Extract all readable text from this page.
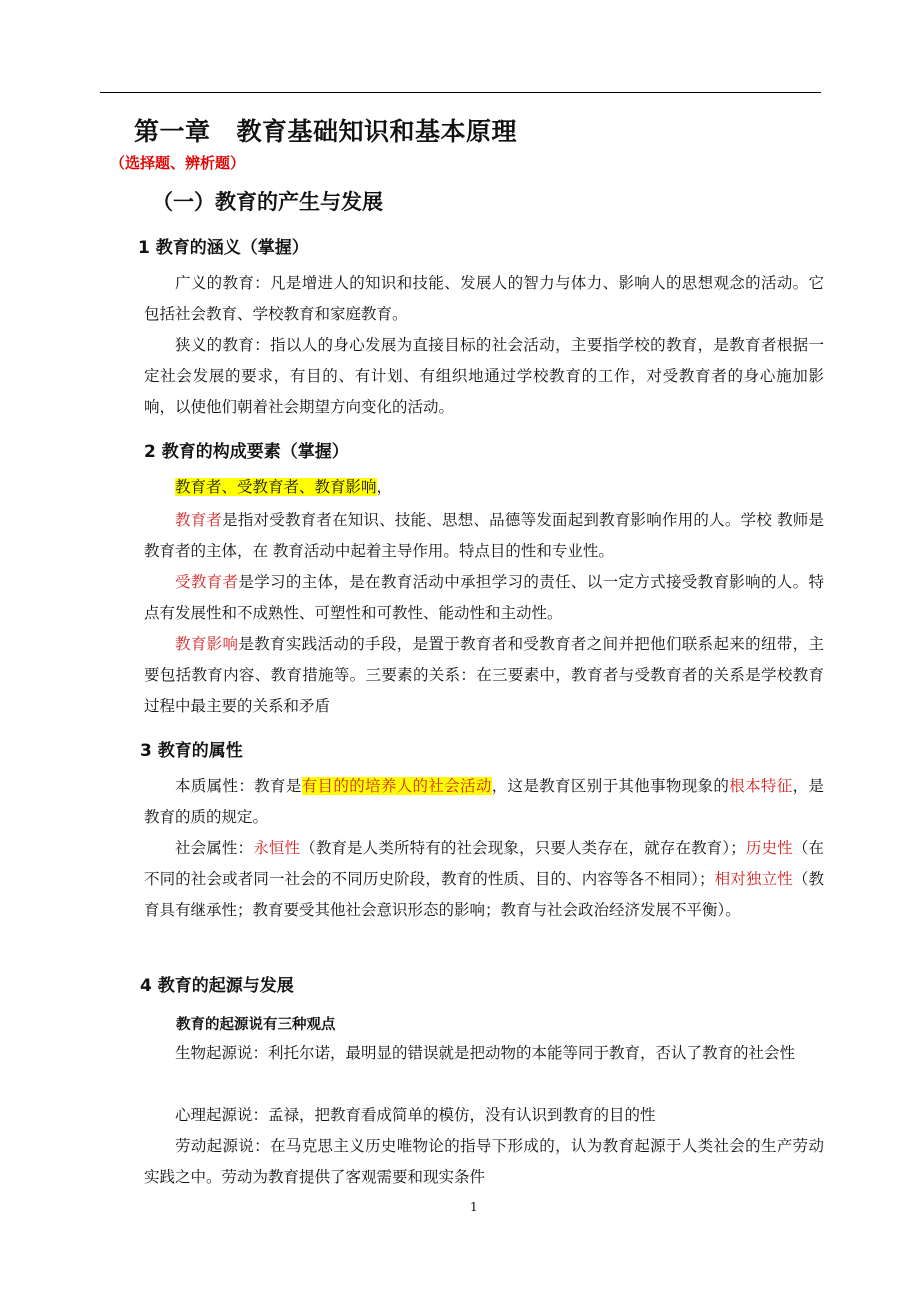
第一章 教育基础知识和基本原理
（选择题、辨析题）
（一）教育的产生与发展
1 教育的涵义（掌握）
广义的教育：凡是增进人的知识和技能、发展人的智力与体力、影响人的思想观念的活动。它包括社会教育、学校教育和家庭教育。
狭义的教育：指以人的身心发展为直接目标的社会活动，主要指学校的教育，是教育者根据一定社会发展的要求，有目的、有计划、有组织地通过学校教育的工作，对受教育者的身心施加影响，以使他们朝着社会期望方向变化的活动。
2 教育的构成要素（掌握）
教育者、受教育者、教育影响，
教育者是指对受教育者在知识、技能、思想、品德等发面起到教育影响作用的人。学校 教师是教育者的主体，在 教育活动中起着主导作用。特点目的性和专业性。
受教育者是学习的主体，是在教育活动中承担学习的责任、以一定方式接受教育影响的人。特点有发展性和不成熟性、可塑性和可教性、能动性和主动性。
教育影响是教育实践活动的手段，是置于教育者和受教育者之间并把他们联系起来的纽带，主要包括教育内容、教育措施等。三要素的关系：在三要素中，教育者与受教育者的关系是学校教育过程中最主要的关系和矛盾
3 教育的属性
本质属性：教育是有目的的培养人的社会活动，这是教育区别于其他事物现象的根本特征，是教育的质的规定。
社会属性：永恒性（教育是人类所特有的社会现象，只要人类存在，就存在教育）；历史性（在不同的社会或者同一社会的不同历史阶段，教育的性质、目的、内容等各不相同）；相对独立性（教育具有继承性；教育要受其他社会意识形态的影响；教育与社会政治经济发展不平衡）。
4 教育的起源与发展
教育的起源说有三种观点
生物起源说：利托尔诺，最明显的错误就是把动物的本能等同于教育，否认了教育的社会性
心理起源说：孟禄，把教育看成简单的模仿，没有认识到教育的目的性
劳动起源说：在马克思主义历史唯物论的指导下形成的，认为教育起源于人类社会的生产劳动实践之中。劳动为教育提供了客观需要和现实条件
1
